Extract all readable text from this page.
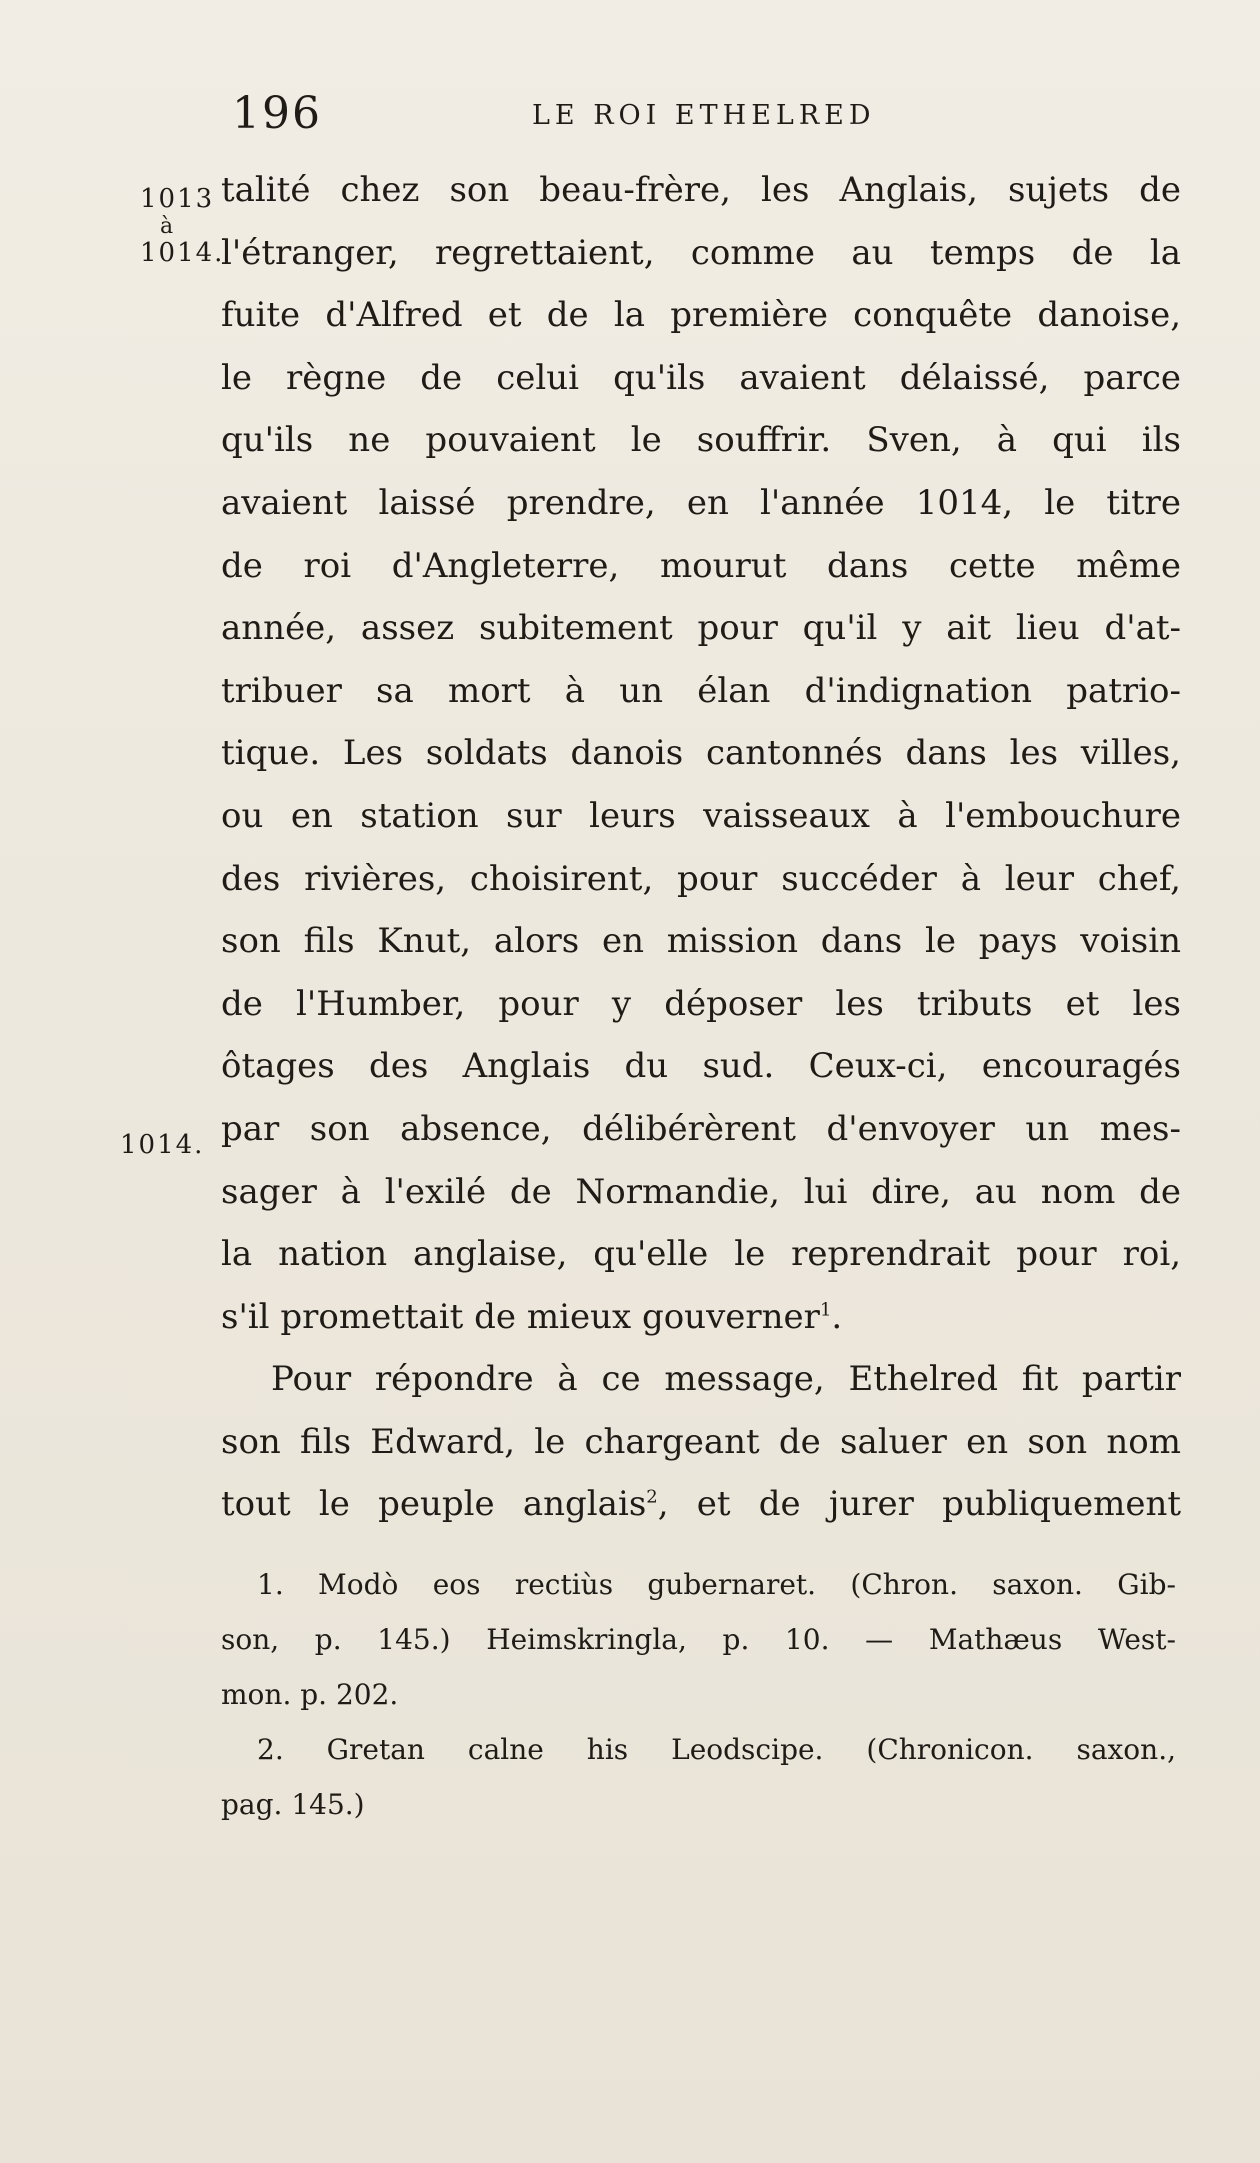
196	LE ROI ETHELRED
1013
à
1014.
1014.
talité chez son beau-frère, les Anglais, sujets de
l'étranger, regrettaient, comme au temps de la
fuite d'Alfred et de la première conquête danoise,
le règne de celui qu'ils avaient délaissé, parce
qu'ils ne pouvaient le souffrir. Sven, à qui ils
avaient laissé prendre, en l'année 1014, le titre
de roi d'Angleterre, mourut dans cette même
année, assez subitement pour qu'il y ait lieu d'at-
tribuer sa mort à un élan d'indignation patrio-
tique. Les soldats danois cantonnés dans les villes,
ou en station sur leurs vaisseaux à l'embouchure
des rivières, choisirent, pour succéder à leur chef,
son fils Knut, alors en mission dans le pays voisin
de l'Humber, pour y déposer les tributs et les
ôtages des Anglais du sud. Ceux-ci, encouragés
par son absence, délibérèrent d'envoyer un mes-
sager à l'exilé de Normandie, lui dire, au nom de
la nation anglaise, qu'elle le reprendrait pour roi,
s'il promettait de mieux gouverner$^1$.
Pour répondre à ce message, Ethelred fit partir
son fils Edward, le chargeant de saluer en son nom
tout le peuple anglais$^2$, et de jurer publiquement
1. Modò eos rectiùs gubernaret. (Chron. saxon. Gib-
son, p. 145.) Heimskringla, p. 10. — Mathæus West-
mon. p. 202.
2. Gretan calne his Leodscipe. (Chronicon. saxon.,
pag. 145.)
